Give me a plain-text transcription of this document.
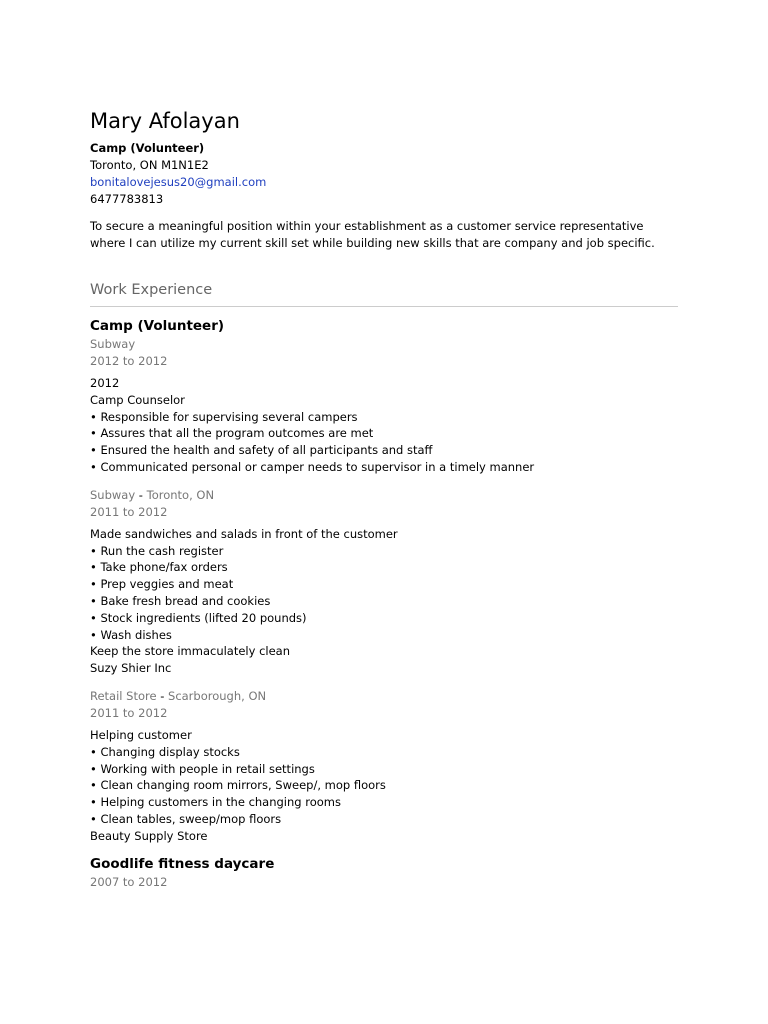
Mary Afolayan
Camp (Volunteer)
Toronto, ON M1N1E2
bonitalovejesus20@gmail.com
6477783813

To secure a meaningful position within your establishment as a customer service representative where I can utilize my current skill set while building new skills that are company and job specific.

Work Experience
Camp (Volunteer)
Subway
2012 to 2012
2012
Camp Counselor
• Responsible for supervising several campers
• Assures that all the program outcomes are met
• Ensured the health and safety of all participants and staff
• Communicated personal or camper needs to supervisor in a timely manner
Subway - Toronto, ON
2011 to 2012
Made sandwiches and salads in front of the customer
• Run the cash register
• Take phone/fax orders
• Prep veggies and meat
• Bake fresh bread and cookies
• Stock ingredients (lifted 20 pounds)
• Wash dishes
Keep the store immaculately clean
Suzy Shier Inc
Retail Store - Scarborough, ON
2011 to 2012
Helping customer
• Changing display stocks
• Working with people in retail settings
• Clean changing room mirrors, Sweep/, mop floors
• Helping customers in the changing rooms
• Clean tables, sweep/mop floors
Beauty Supply Store
Goodlife fitness daycare
2007 to 2012
